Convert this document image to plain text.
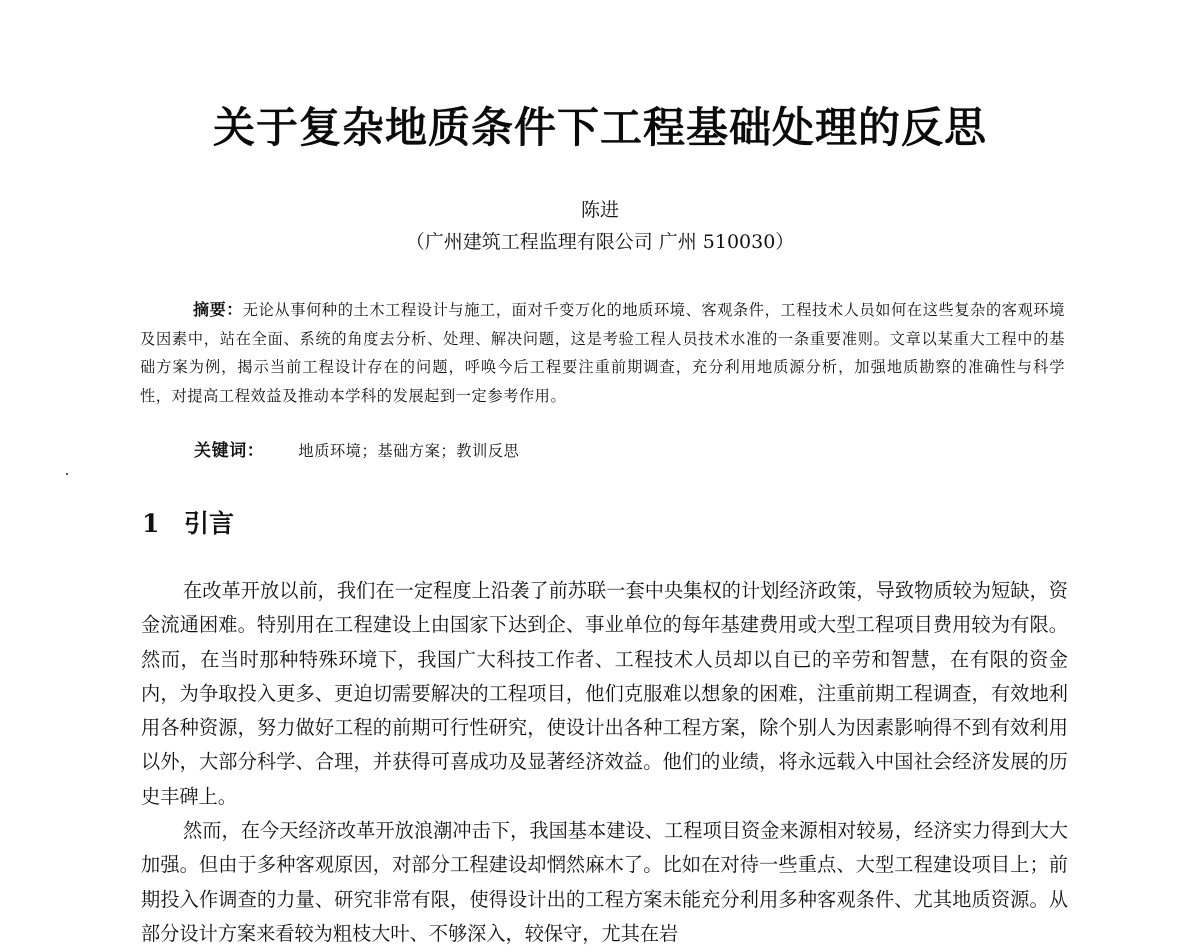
关于复杂地质条件下工程基础处理的反思
陈进
（广州建筑工程监理有限公司 广州 510030）
摘要：无论从事何种的土木工程设计与施工，面对千变万化的地质环境、客观条件，工程技术人员如何在这些复杂的客观环境及因素中，站在全面、系统的角度去分析、处理、解决问题，这是考验工程人员技术水准的一条重要准则。文章以某重大工程中的基础方案为例，揭示当前工程设计存在的问题，呼唤今后工程要注重前期调查，充分利用地质源分析，加强地质勘察的准确性与科学性，对提高工程效益及推动本学科的发展起到一定参考作用。
关键词： 地质环境；基础方案；教训反思
1 引言

在改革开放以前，我们在一定程度上沿袭了前苏联一套中央集权的计划经济政策，导致物质较为短缺，资金流通困难。特别用在工程建设上由国家下达到企、事业单位的每年基建费用或大型工程项目费用较为有限。然而，在当时那种特殊环境下，我国广大科技工作者、工程技术人员却以自已的辛劳和智慧，在有限的资金内，为争取投入更多、更迫切需要解决的工程项目，他们克服难以想象的困难，注重前期工程调查，有效地利用各种资源，努力做好工程的前期可行性研究，使设计出各种工程方案，除个别人为因素影响得不到有效利用以外，大部分科学、合理，并获得可喜成功及显著经济效益。他们的业绩，将永远载入中国社会经济发展的历史丰碑上。

然而，在今天经济改革开放浪潮冲击下，我国基本建设、工程项目资金来源相对较易，经济实力得到大大加强。但由于多种客观原因，对部分工程建设却惘然麻木了。比如在对待一些重点、大型工程建设项目上；前期投入作调查的力量、研究非常有限，使得设计出的工程方案未能充分利用多种客观条件、尤其地质资源。从部分设计方案来看较为粗枝大叶、不够深入，较保守，尤其在岩
